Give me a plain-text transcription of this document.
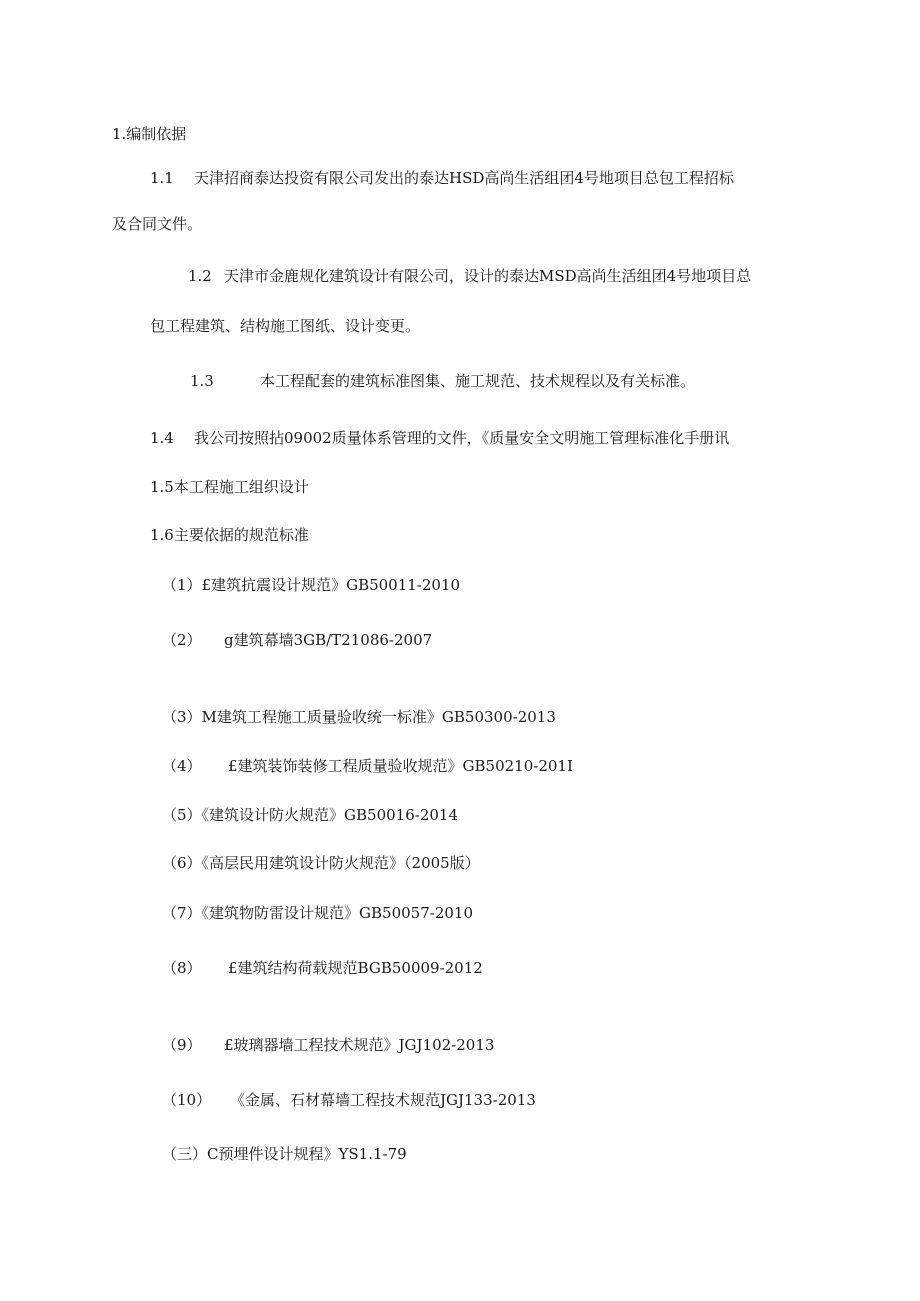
1.编制依据
1.1 天津招商泰达投资有限公司发出的泰达HSD高尚生活组团4号地项目总包工程招标
及合同文件。
1.2 天津市金鹿规化建筑设计有限公司，设计的泰达MSD高尚生活组团4号地项目总
包工程建筑、结构施工图纸、设计变更。
1.3	本工程配套的建筑标准图集、施工规范、技术规程以及有关标准。
1.4 我公司按照拈09002质量体系管理的文件，《质量安全文明施工管理标准化手册讯
1.5本工程施工组织设计
1.6主要依据的规范标准
（1）£建筑抗震设计规范》GB50011-2010
（2） g建筑幕墙3GB/T21086-2007
（3）M建筑工程施工质量验收统一标准》GB50300-2013
（4） £建筑装饰装修工程质量验收规范》GB50210-201I
（5）《建筑设计防火规范》GB50016-2014
（6）《高层民用建筑设计防火规范》（2005版）
（7）《建筑物防雷设计规范》GB50057-2010
（8） £建筑结构荷载规范BGB50009-2012
（9） £玻璃器墙工程技术规范》JGJ102-2013
（10） 《金属、石材幕墙工程技术规范JGJ133-2013
（三）C预埋件设计规程》YS1.1-79
